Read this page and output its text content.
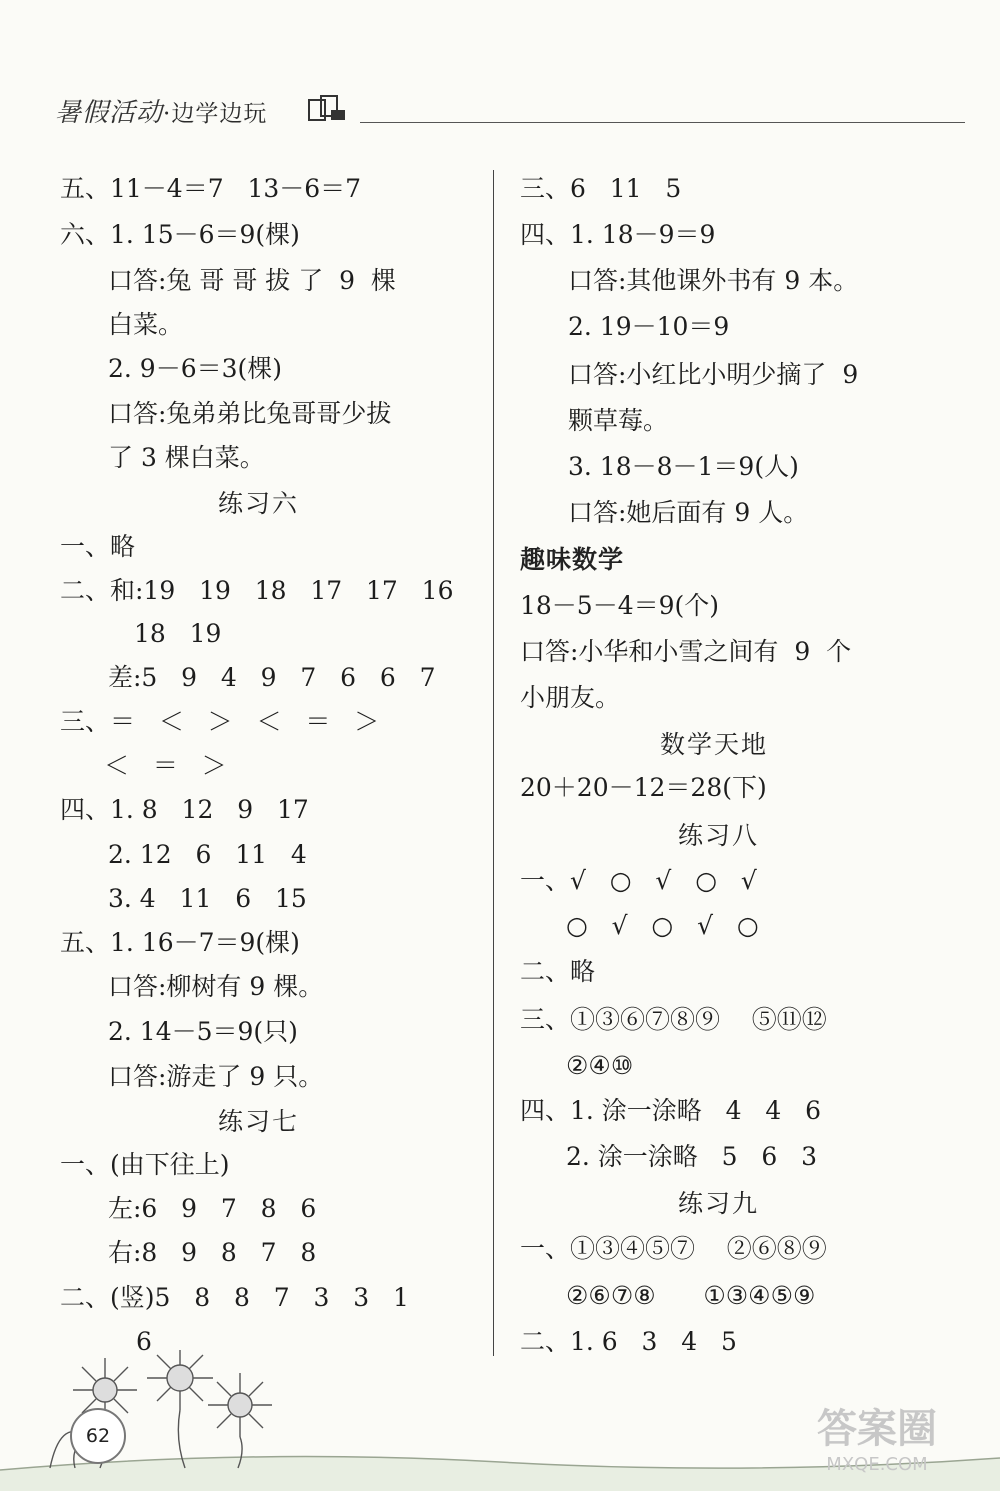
暑假活动·边学边玩
五、11－4＝7   13－6＝7
六、1. 15－6＝9(棵)
口答:兔 哥 哥 拔 了  9  棵
白菜。
2. 9－6＝3(棵)
口答:兔弟弟比兔哥哥少拔
了 3 棵白菜。
练习六
一、略
二、和:19   19   18   17   17   16
18   19
差:5   9   4   9   7   6   6   7
三、＝   ＜   ＞   ＜   ＝   ＞
＜   ＝   ＞
四、1. 8   12   9   17
2. 12   6   11   4
3. 4   11   6   15
五、1. 16－7＝9(棵)
口答:柳树有 9 棵。
2. 14－5＝9(只)
口答:游走了 9 只。
练习七
一、(由下往上)
左:6   9   7   8   6
右:8   9   8   7   8
二、(竖)5   8   8   7   3   3   1
6
三、6   11   5
四、1. 18－9＝9
口答:其他课外书有 9 本。
2. 19－10＝9
口答:小红比小明少摘了  9
颗草莓。
3. 18－8－1＝9(人)
口答:她后面有 9 人。
趣味数学
18－5－4＝9(个)
口答:小华和小雪之间有  9  个
小朋友。
数学天地
20＋20－12＝28(下)
练习八
一、√   ○   √   ○   √
○   √   ○   √   ○
二、略
三、①③⑥⑦⑧⑨    ⑤⑪⑫
②④⑩
四、1. 涂一涂略   4   4   6
2. 涂一涂略   5   6   3
练习九
一、①③④⑤⑦    ②⑥⑧⑨
②⑥⑦⑧      ①③④⑤⑨
二、1. 6   3   4   5
62	答案圈
MXQE.COM
